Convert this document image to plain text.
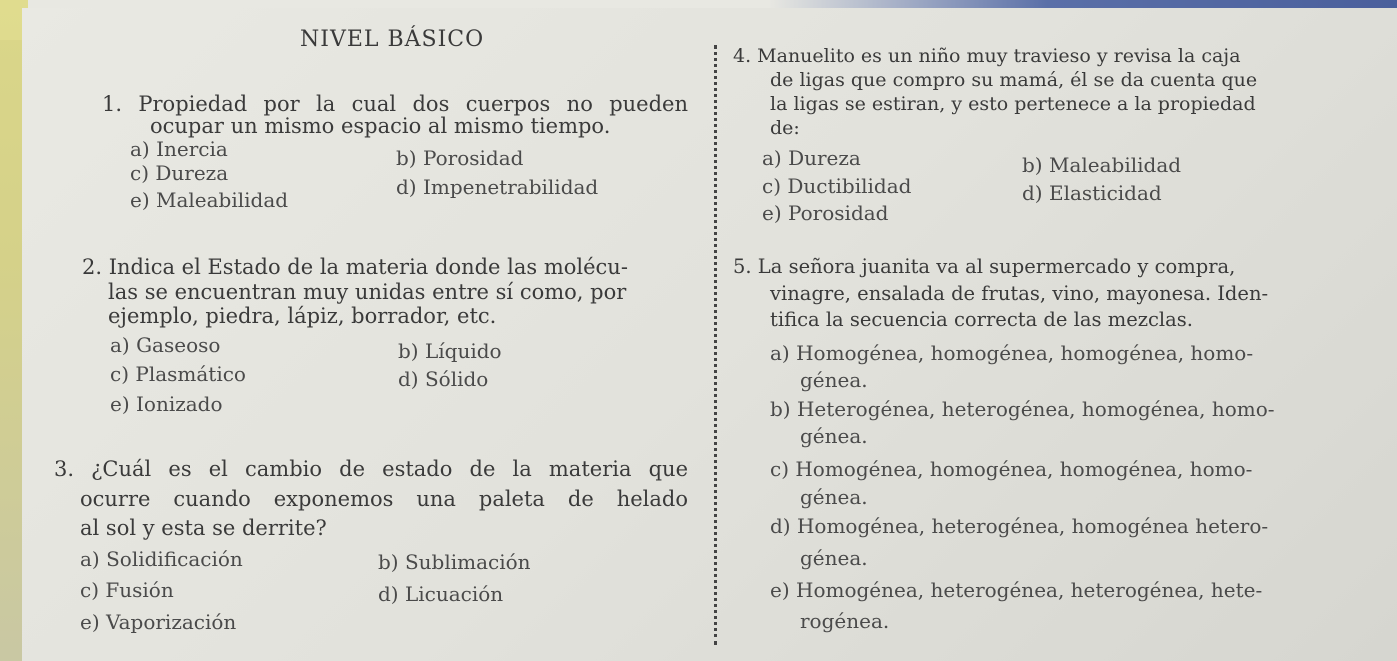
NIVEL BÁSICO
1. Propiedad por la cual dos cuerpos no pueden
ocupar un mismo espacio al mismo tiempo.
a) Inercia	b) Porosidad
c) Dureza
d) Impenetrabilidad
e) Maleabilidad
2. Indica el Estado de la materia donde las molécu-
las se encuentran muy unidas entre sí como, por
ejemplo, piedra, lápiz, borrador, etc.
a) Gaseoso	b) Líquido
c) Plasmático	d) Sólido
e) Ionizado
3. ¿Cuál es el cambio de estado de la materia que
ocurre cuando exponemos una paleta de helado
al sol y esta se derrite?
a) Solidificación	b) Sublimación
c) Fusión	d) Licuación
e) Vaporización
4. Manuelito es un niño muy travieso y revisa la caja
de ligas que compro su mamá, él se da cuenta que
la ligas se estiran, y esto pertenece a la propiedad
de:
a) Dureza	b) Maleabilidad
c) Ductibilidad	d) Elasticidad
e) Porosidad
5. La señora juanita va al supermercado y compra,
vinagre, ensalada de frutas, vino, mayonesa. Iden-
tifica la secuencia correcta de las mezclas.
a) Homogénea, homogénea, homogénea, homo-
génea.
b) Heterogénea, heterogénea, homogénea, homo-
génea.
c) Homogénea, homogénea, homogénea, homo-
génea.
d) Homogénea, heterogénea, homogénea hetero-
génea.
e) Homogénea, heterogénea, heterogénea, hete-
rogénea.
